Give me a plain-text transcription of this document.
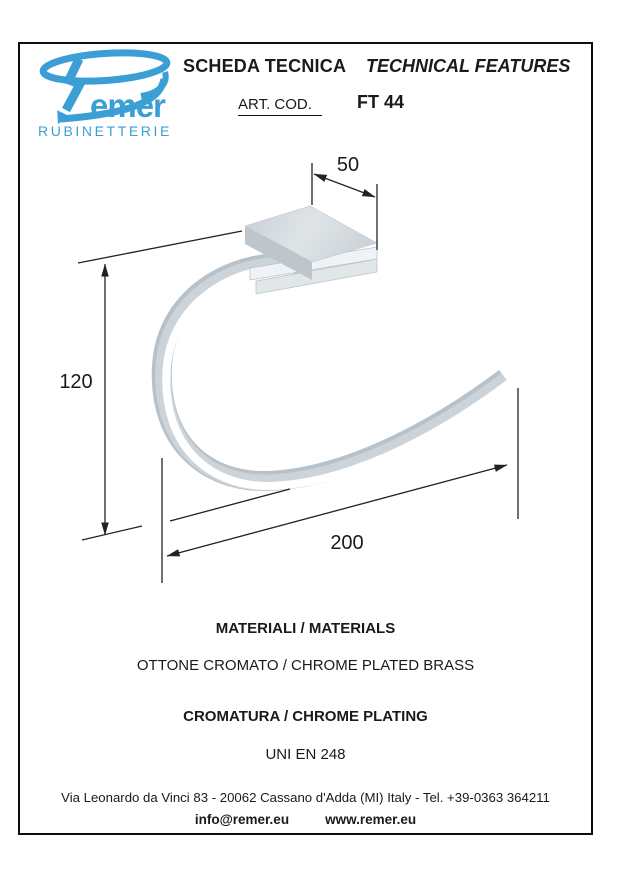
emer
RUBINETTERIE
SCHEDA TECNICA TECHNICAL FEATURES
ART. COD.	FT 44
50
120
200
MATERIALI / MATERIALS
OTTONE CROMATO / CHROME PLATED BRASS
CROMATURA / CHROME PLATING
UNI EN 248
Via Leonardo da Vinci 83 - 20062 Cassano d'Adda (MI) Italy - Tel. +39-0363 364211
info@remer.eu	www.remer.eu
